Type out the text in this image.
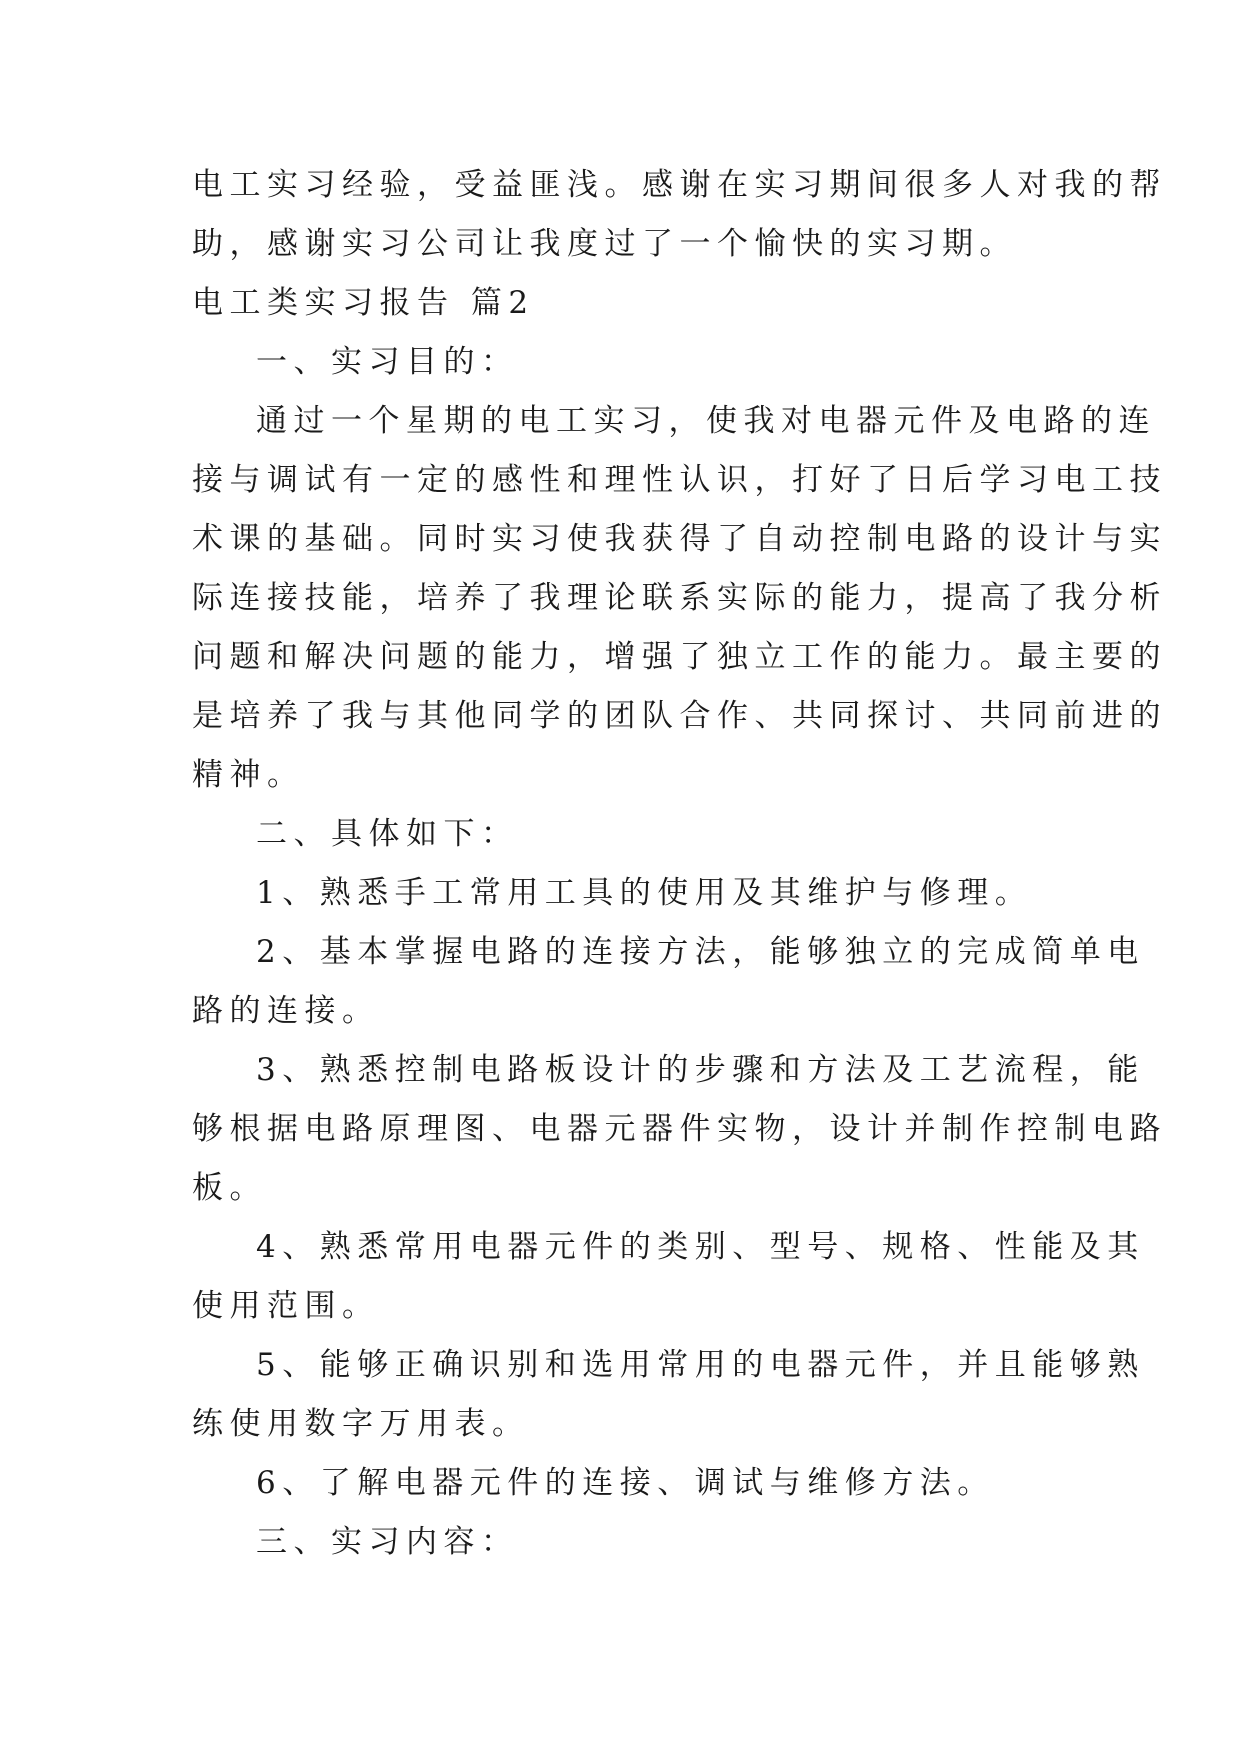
电工实习经验，受益匪浅。感谢在实习期间很多人对我的帮

助，感谢实习公司让我度过了一个愉快的实习期。

电工类实习报告 篇2

一、实习目的：

通过一个星期的电工实习，使我对电器元件及电路的连

接与调试有一定的感性和理性认识，打好了日后学习电工技

术课的基础。同时实习使我获得了自动控制电路的设计与实

际连接技能，培养了我理论联系实际的能力，提高了我分析

问题和解决问题的能力，增强了独立工作的能力。最主要的

是培养了我与其他同学的团队合作、共同探讨、共同前进的

精神。

二、具体如下：

1、熟悉手工常用工具的使用及其维护与修理。

2、基本掌握电路的连接方法，能够独立的完成简单电

路的连接。

3、熟悉控制电路板设计的步骤和方法及工艺流程，能

够根据电路原理图、电器元器件实物，设计并制作控制电路

板。

4、熟悉常用电器元件的类别、型号、规格、性能及其

使用范围。

5、能够正确识别和选用常用的电器元件，并且能够熟

练使用数字万用表。

6、了解电器元件的连接、调试与维修方法。

三、实习内容：
